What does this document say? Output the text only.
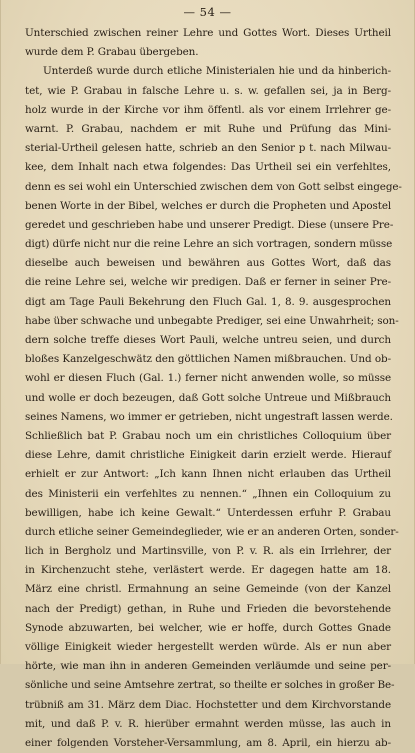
— 54 —
Unterschied zwischen reiner Lehre und Gottes Wort. Dieses Urtheil
wurde dem P. Grabau übergeben.
Unterdeß wurde durch etliche Ministerialen hie und da hinberich-
tet, wie P. Grabau in falsche Lehre u. s. w. gefallen sei, ja in Berg-
holz wurde in der Kirche vor ihm öffentl. als vor einem Irrlehrer ge-
warnt. P. Grabau, nachdem er mit Ruhe und Prüfung das Mini-
sterial-Urtheil gelesen hatte, schrieb an den Senior p t. nach Milwau-
kee, dem Inhalt nach etwa folgendes: Das Urtheil sei ein verfehltes,
denn es sei wohl ein Unterschied zwischen dem von Gott selbst eingege-
benen Worte in der Bibel, welches er durch die Propheten und Apostel
geredet und geschrieben habe und unserer Predigt. Diese (unsere Pre-
digt) dürfe nicht nur die reine Lehre an sich vortragen, sondern müsse
dieselbe auch beweisen und bewähren aus Gottes Wort, daß das
die reine Lehre sei, welche wir predigen. Daß er ferner in seiner Pre-
digt am Tage Pauli Bekehrung den Fluch Gal. 1, 8. 9. ausgesprochen
habe über schwache und unbegabte Prediger, sei eine Unwahrheit; son-
dern solche treffe dieses Wort Pauli, welche untreu seien, und durch
bloßes Kanzelgeschwätz den göttlichen Namen mißbrauchen. Und ob-
wohl er diesen Fluch (Gal. 1.) ferner nicht anwenden wolle, so müsse
und wolle er doch bezeugen, daß Gott solche Untreue und Mißbrauch
seines Namens, wo immer er getrieben, nicht ungestraft lassen werde.
Schließlich bat P. Grabau noch um ein christliches Colloquium über
diese Lehre, damit christliche Einigkeit darin erzielt werde. Hierauf
erhielt er zur Antwort: „Ich kann Ihnen nicht erlauben das Urtheil
des Ministerii ein verfehltes zu nennen.“ „Ihnen ein Colloquium zu
bewilligen, habe ich keine Gewalt.“ Unterdessen erfuhr P. Grabau
durch etliche seiner Gemeindeglieder, wie er an anderen Orten, sonder-
lich in Bergholz und Martinsville, von P. v. R. als ein Irrlehrer, der
in Kirchenzucht stehe, verlästert werde. Er dagegen hatte am 18.
März eine christl. Ermahnung an seine Gemeinde (von der Kanzel
nach der Predigt) gethan, in Ruhe und Frieden die bevorstehende
Synode abzuwarten, bei welcher, wie er hoffe, durch Gottes Gnade
völlige Einigkeit wieder hergestellt werden würde. Als er nun aber
hörte, wie man ihn in anderen Gemeinden verläumde und seine per-
sönliche und seine Amtsehre zertrat, so theilte er solches in großer Be-
trübniß am 31. März dem Diac. Hochstetter und dem Kirchvorstande
mit, und daß P. v. R. hierüber ermahnt werden müsse, las auch in
einer folgenden Vorsteher-Versammlung, am 8. April, ein hierzu ab-
